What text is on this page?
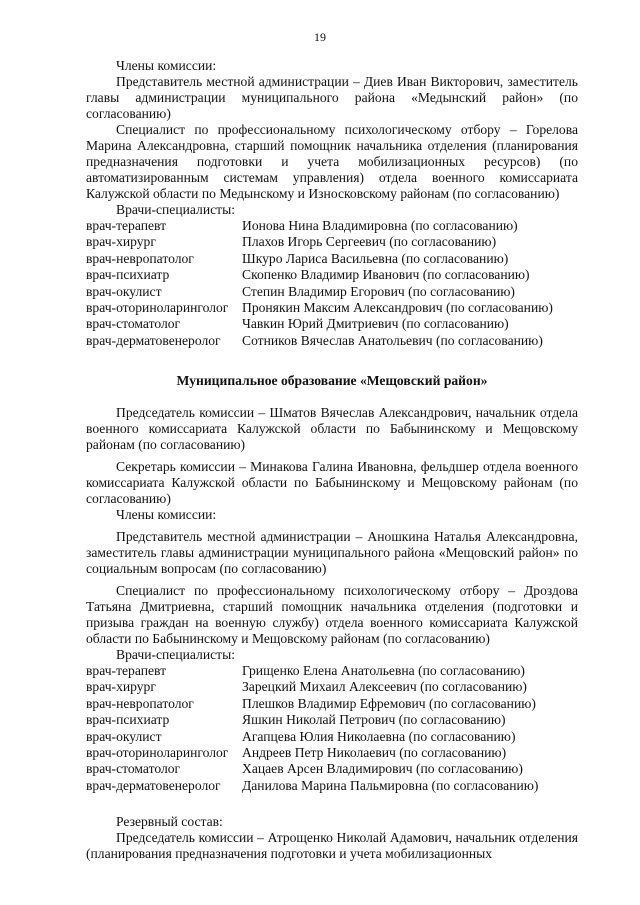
19

Члены комиссии:

Представитель местной администрации – Диев Иван Викторович, заместитель главы администрации муниципального района «Медынский район» (по согласованию)

Специалист по профессиональному психологическому отбору – Горелова Марина Александровна, старший помощник начальника отделения (планирования предназначения подготовки и учета мобилизационных ресурсов) (по автоматизированным системам управления) отдела военного комиссариата Калужской области по Медынскому и Износковскому районам (по согласованию)

Врачи-специалисты:

врач-терапевт	Ионова Нина Владимировна (по согласованию)
врач-хирург	Плахов Игорь Сергеевич (по согласованию)
врач-невропатолог	Шкуро Лариса Васильевна (по согласованию)
врач-психиатр	Скопенко Владимир Иванович (по согласованию)
врач-окулист	Степин Владимир Егорович (по согласованию)
врач-оториноларинголог	Пронякин Максим Александрович (по согласованию)
врач-стоматолог	Чавкин Юрий Дмитриевич (по согласованию)
врач-дерматовенеролог	Сотников Вячеслав Анатольевич (по согласованию)

Муниципальное образование «Мещовский район»

Председатель комиссии – Шматов Вячеслав Александрович, начальник отдела военного комиссариата Калужской области по Бабынинскому и Мещовскому районам (по согласованию)

Секретарь комиссии – Минакова Галина Ивановна, фельдшер отдела военного комиссариата Калужской области по Бабынинскому и Мещовскому районам (по согласованию)

Члены комиссии:

Представитель местной администрации – Аношкина Наталья Александровна, заместитель главы администрации муниципального района «Мещовский район» по социальным вопросам (по согласованию)

Специалист по профессиональному психологическому отбору – Дроздова Татьяна Дмитриевна, старший помощник начальника отделения (подготовки и призыва граждан на военную службу) отдела военного комиссариата Калужской области по Бабынинскому и Мещовскому районам (по согласованию)

Врачи-специалисты:

врач-терапевт	Грищенко Елена Анатольевна (по согласованию)
врач-хирург	Зарецкий Михаил Алексеевич (по согласованию)
врач-невропатолог	Плешков Владимир Ефремович (по согласованию)
врач-психиатр	Яшкин Николай Петрович (по согласованию)
врач-окулист	Агапцева Юлия Николаевна (по согласованию)
врач-оториноларинголог	Андреев Петр Николаевич (по согласованию)
врач-стоматолог	Хацаев Арсен Владимирович (по согласованию)
врач-дерматовенеролог	Данилова Марина Пальмировна (по согласованию)

Резервный состав:

Председатель комиссии – Атрощенко Николай Адамович, начальник отделения (планирования предназначения подготовки и учета мобилизационных
